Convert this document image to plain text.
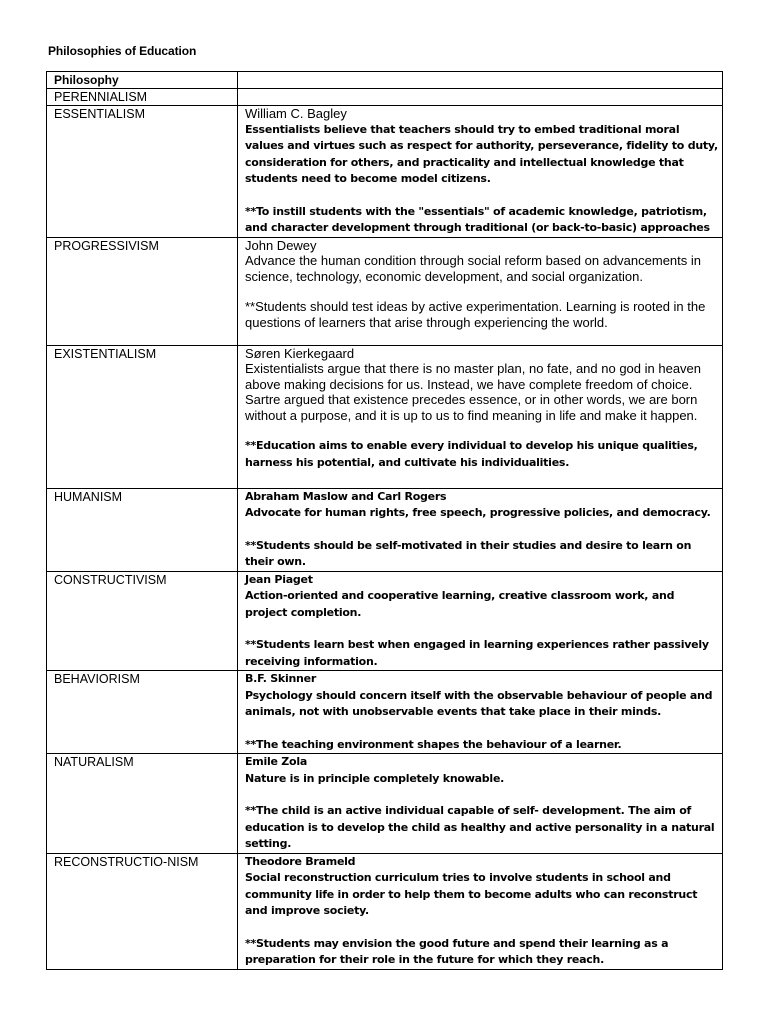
Philosophies of Education
Philosophy	

PERENNIALISM	

ESSENTIALISM	William C. Bagley
Essentialists believe that teachers should try to embed traditional moral values and virtues such as respect for authority, perseverance, fidelity to duty, consideration for others, and practicality and intellectual knowledge that students need to become model citizens.
**To instill students with the "essentials" of academic knowledge, patriotism, and character development through traditional (or back-to-basic) approaches

PROGRESSIVISM	John Dewey
Advance the human condition through social reform based on advancements in science, technology, economic development, and social organization.
**Students should test ideas by active experimentation. Learning is rooted in the questions of learners that arise through experiencing the world.

EXISTENTIALISM	Søren Kierkegaard
Existentialists argue that there is no master plan, no fate, and no god in heaven above making decisions for us. Instead, we have complete freedom of choice. Sartre argued that existence precedes essence, or in other words, we are born without a purpose, and it is up to us to find meaning in life and make it happen.
**Education aims to enable every individual to develop his unique qualities, harness his potential, and cultivate his individualities.

HUMANISM	Abraham Maslow and Carl Rogers
Advocate for human rights, free speech, progressive policies, and democracy.
**Students should be self-motivated in their studies and desire to learn on their own.

CONSTRUCTIVISM	Jean Piaget
Action-oriented and cooperative learning, creative classroom work, and project completion.
**Students learn best when engaged in learning experiences rather passively receiving information.

BEHAVIORISM	B.F. Skinner
Psychology should concern itself with the observable behaviour of people and animals, not with unobservable events that take place in their minds.
**The teaching environment shapes the behaviour of a learner.

NATURALISM	Emile Zola
Nature is in principle completely knowable.
**The child is an active individual capable of self- development. The aim of education is to develop the child as healthy and active personality in a natural setting.

RECONSTRUCTIO-NISM	Theodore Brameld
Social reconstruction curriculum tries to involve students in school and community life in order to help them to become adults who can reconstruct and improve society.
**Students may envision the good future and spend their learning as a preparation for their role in the future for which they reach.
